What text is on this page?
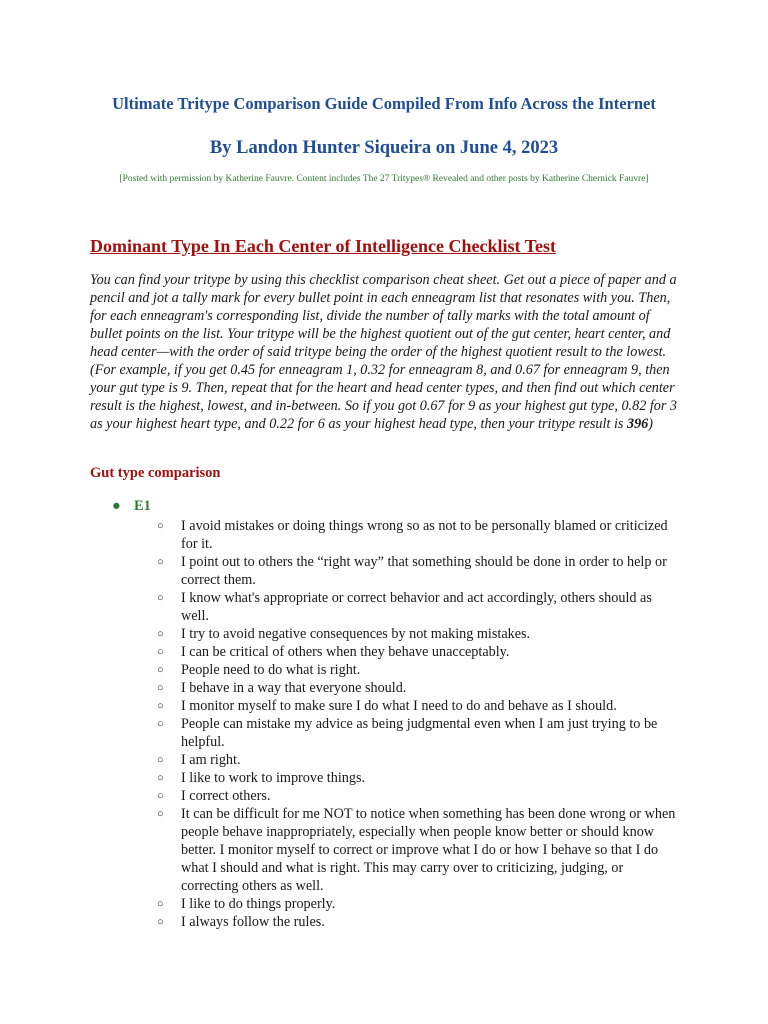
Ultimate Tritype Comparison Guide Compiled From Info Across the Internet
By Landon Hunter Siqueira on June 4, 2023
[Posted with permission by Katherine Fauvre. Content includes The 27 Tritypes® Revealed and other posts by Katherine Chernick Fauvre]
Dominant Type In Each Center of Intelligence Checklist Test
You can find your tritype by using this checklist comparison cheat sheet. Get out a piece of paper and a pencil and jot a tally mark for every bullet point in each enneagram list that resonates with you. Then, for each enneagram's corresponding list, divide the number of tally marks with the total amount of bullet points on the list. Your tritype will be the highest quotient out of the gut center, heart center, and head center—with the order of said tritype being the order of the highest quotient result to the lowest. (For example, if you get 0.45 for enneagram 1, 0.32 for enneagram 8, and 0.67 for enneagram 9, then your gut type is 9. Then, repeat that for the heart and head center types, and then find out which center result is the highest, lowest, and in-between. So if you got 0.67 for 9 as your highest gut type, 0.82 for 3 as your highest heart type, and 0.22 for 6 as your highest head type, then your tritype result is 396)
Gut type comparison
● E1
○ I avoid mistakes or doing things wrong so as not to be personally blamed or criticized for it.
○ I point out to others the “right way” that something should be done in order to help or correct them.
○ I know what's appropriate or correct behavior and act accordingly, others should as well.
○ I try to avoid negative consequences by not making mistakes.
○ I can be critical of others when they behave unacceptably.
○ People need to do what is right.
○ I behave in a way that everyone should.
○ I monitor myself to make sure I do what I need to do and behave as I should.
○ People can mistake my advice as being judgmental even when I am just trying to be helpful.
○ I am right.
○ I like to work to improve things.
○ I correct others.
○ It can be difficult for me NOT to notice when something has been done wrong or when people behave inappropriately, especially when people know better or should know better. I monitor myself to correct or improve what I do or how I behave so that I do what I should and what is right. This may carry over to criticizing, judging, or correcting others as well.
○ I like to do things properly.
○ I always follow the rules.
